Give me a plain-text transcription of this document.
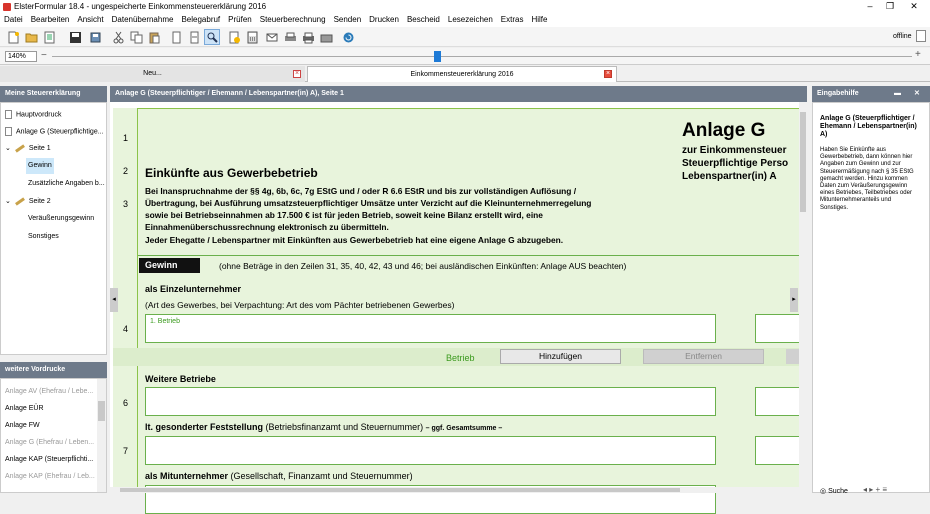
ElsterFormular 18.4 - ungespeicherte Einkommensteuererklärung 2016	–	❐	✕
Datei	Bearbeiten	Ansicht	Datenübernahme	Belegabruf	Prüfen	Steuerberechnung	Senden	Drucken	Bescheid	Lesezeichen	Extras	Hilfe
offline
140%	−	+
Neu...	×	Einkommensteuererklärung 2016	×
Meine Steuererklärung
Hauptvordruck
Anlage G (Steuerpflichtige...
⌄	Seite 1
Gewinn
Zusätzliche Angaben b...
⌄	Seite 2
Veräußerungsgewinn
Sonstiges
weitere Vordrucke
Anlage AV (Ehefrau / Lebe...
Anlage EÜR
Anlage FW
Anlage G (Ehefrau / Leben...
Anlage KAP (Steuerpflichti...
Anlage KAP (Ehefrau / Leb...
Anlage G (Steuerpflichtiger / Ehemann / Lebenspartner(in) A), Seite 1
1
2
3
4
6
7
Anlage G
zur Einkommensteuer
Steuerpflichtige Perso
Lebenspartner(in) A
Einkünfte aus Gewerbebetrieb
Bei Inanspruchnahme der §§ 4g, 6b, 6c, 7g EStG und / oder R 6.6 EStR und bis zur vollständigen Auflösung /
Übertragung, bei Ausführung umsatzsteuerpflichtiger Umsätze unter Verzicht auf die Kleinunternehmerregelung
sowie bei Betriebseinnahmen ab 17.500 € ist für jeden Betrieb, soweit keine Bilanz erstellt wird, eine
Einnahmenüberschussrechnung elektronisch zu übermitteln.
Jeder Ehegatte / Lebenspartner mit Einkünften aus Gewerbebetrieb hat eine eigene Anlage G abzugeben.
Gewinn	(ohne Beträge in den Zeilen 31, 35, 40, 42, 43 und 46; bei ausländischen Einkünften: Anlage AUS beachten)
als Einzelunternehmer
(Art des Gewerbes, bei Verpachtung: Art des vom Pächter betriebenen Gewerbes)
1. Betrieb
Betrieb	Hinzufügen	Entfernen
Weitere Betriebe
lt. gesonderter Feststellung (Betriebsfinanzamt und Steuernummer) – ggf. Gesamtsumme –
als Mitunternehmer (Gesellschaft, Finanzamt und Steuernummer)
◂	▸
Eingabehilfe	▬ ✕
Anlage G (Steuerpflichtiger / Ehemann / Lebenspartner(in) A)
Haben Sie Einkünfte aus Gewerbebetrieb, dann können hier Angaben zum Gewinn und zur Steuerermäßigung nach § 35 EStG gemacht werden. Hinzu kommen Daten zum Veräußerungsgewinn eines Betriebes, Teilbetriebes oder Mitunternehmeranteils und Sonstiges.
◎ Suche ◂ ▸ + ≡
